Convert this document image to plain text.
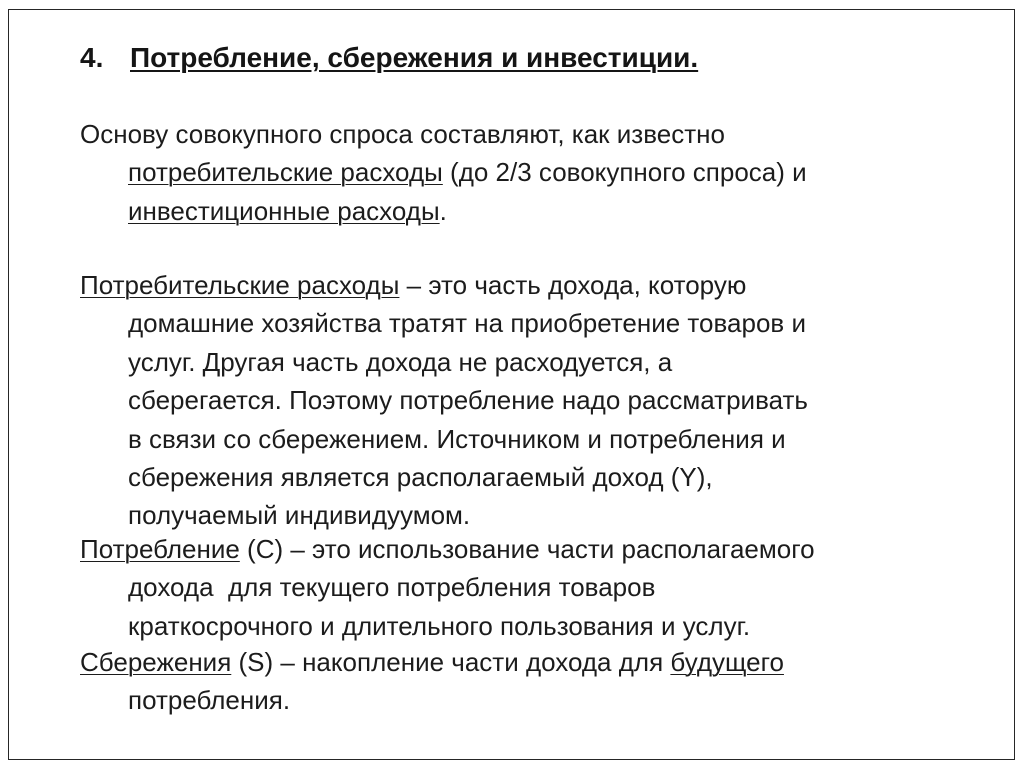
4. Потребление, сбережения и инвестиции.
Основу совокупного спроса составляют, как известно
потребительские расходы (до 2/3 совокупного спроса) и
инвестиционные расходы.
Потребительские расходы – это часть дохода, которую
домашние хозяйства тратят на приобретение товаров и
услуг. Другая часть дохода не расходуется, а
сберегается. Поэтому потребление надо рассматривать
в связи со сбережением. Источником и потребления и
сбережения является располагаемый доход (Y),
получаемый индивидуумом.
Потребление (С) – это использование части располагаемого
дохода  для текущего потребления товаров
краткосрочного и длительного пользования и услуг.
Сбережения (S) – накопление части дохода для будущего
потребления.
